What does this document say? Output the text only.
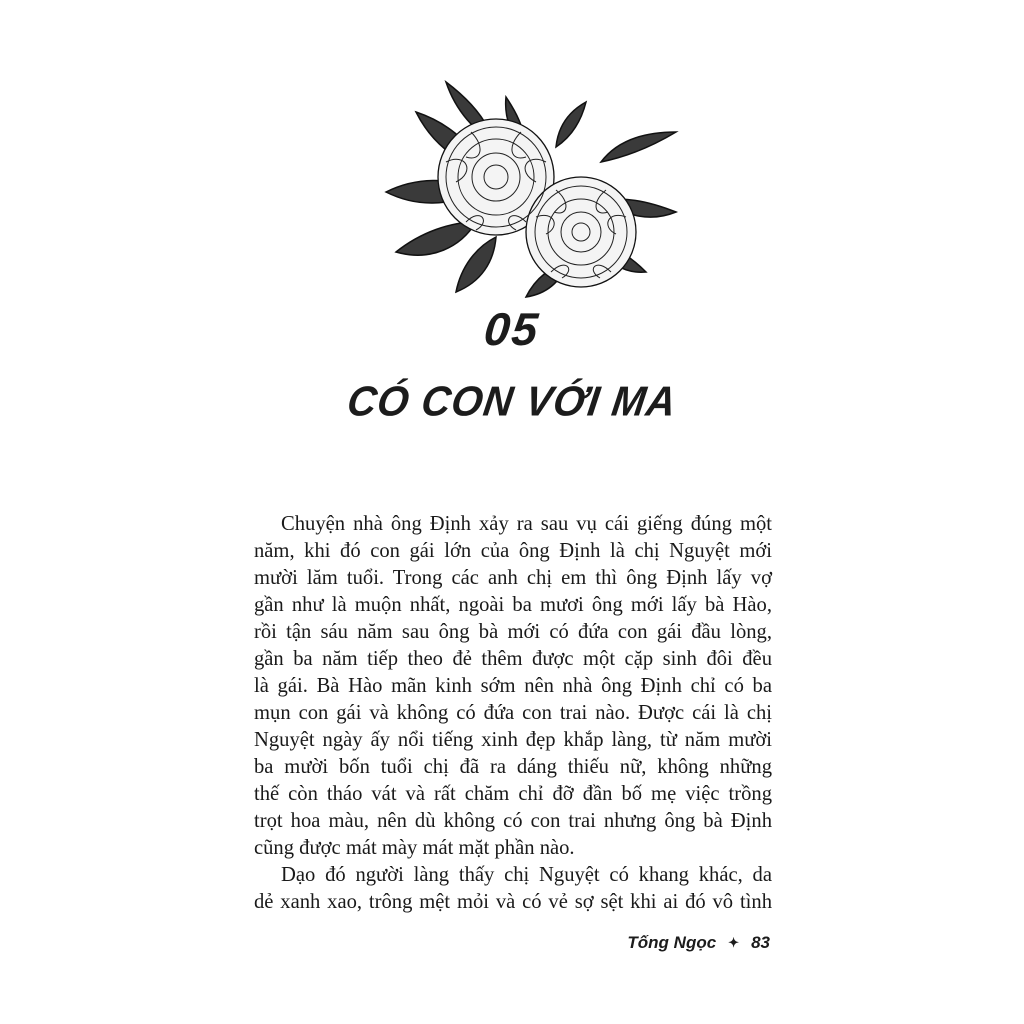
05
CÓ CON VỚI MA
Chuyện nhà ông Định xảy ra sau vụ cái giếng đúng một
năm, khi đó con gái lớn của ông Định là chị Nguyệt mới
mười lăm tuổi. Trong các anh chị em thì ông Định lấy vợ
gần như là muộn nhất, ngoài ba mươi ông mới lấy bà Hào,
rồi tận sáu năm sau ông bà mới có đứa con gái đầu lòng,
gần ba năm tiếp theo đẻ thêm được một cặp sinh đôi đều
là gái. Bà Hào mãn kinh sớm nên nhà ông Định chỉ có ba
mụn con gái và không có đứa con trai nào. Được cái là chị
Nguyệt ngày ấy nổi tiếng xinh đẹp khắp làng, từ năm mười
ba mười bốn tuổi chị đã ra dáng thiếu nữ, không những
thế còn tháo vát và rất chăm chỉ đỡ đần bố mẹ việc trồng
trọt hoa màu, nên dù không có con trai nhưng ông bà Định
cũng được mát mày mát mặt phần nào.
Dạo đó người làng thấy chị Nguyệt có khang khác, da
dẻ xanh xao, trông mệt mỏi và có vẻ sợ sệt khi ai đó vô tình
Tống Ngọc ✦ 83
